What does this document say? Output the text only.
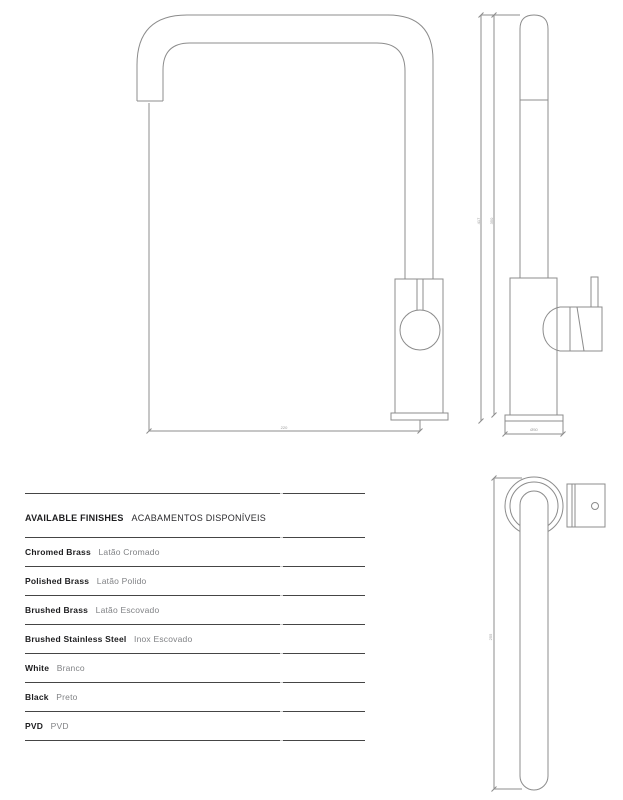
220
417 350
Ø50
255
AVAILABLE FINISHES ACABAMENTOS DISPONÍVEIS
Chromed Brass Latão Cromado
Polished Brass Latão Polido
Brushed Brass Latão Escovado
Brushed Stainless Steel Inox Escovado
White Branco
Black Preto
PVD PVD
